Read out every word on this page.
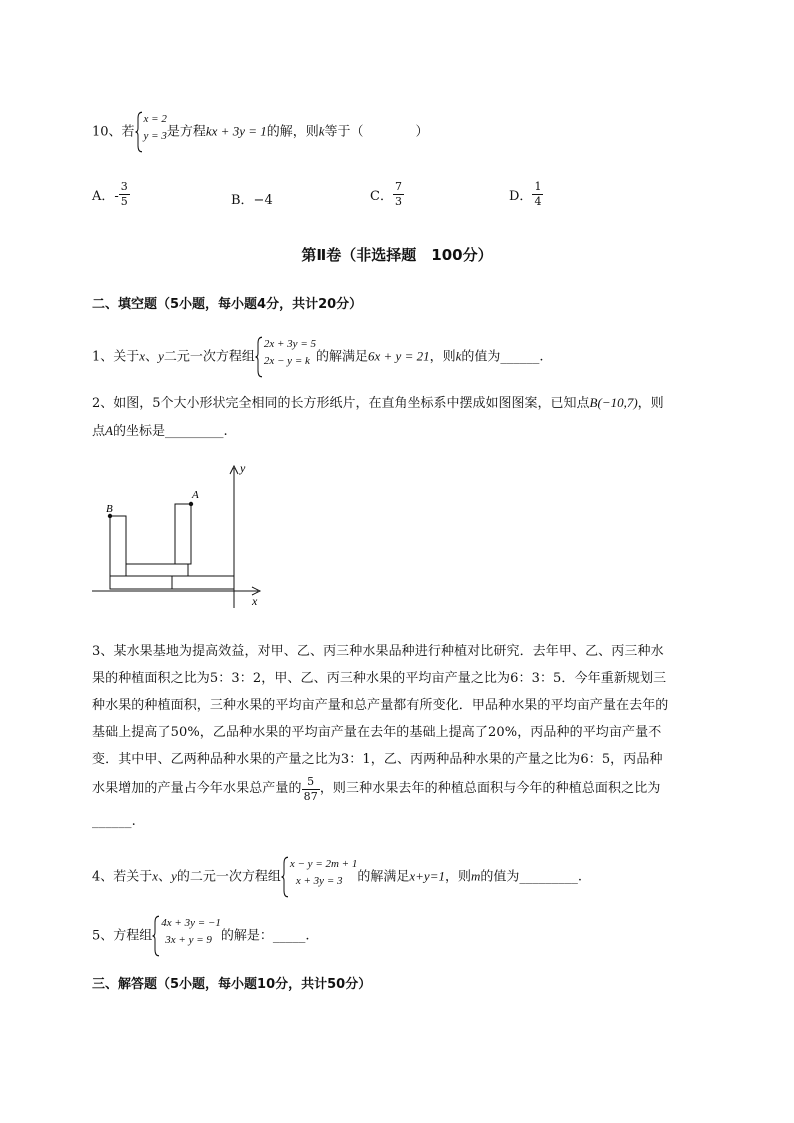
10、若
x = 2
y = 3 是方程kx + 3y = 1的解，则k等于（　　　　）
A．- $\frac{3}{5}$	B．−4	C． $\frac{7}{3}$	D． $\frac{1}{4}$
第Ⅱ卷（非选择题　100分）
二、填空题（5小题，每小题4分，共计20分）
1、关于x、y二元一次方程组
2x + 3y = 5
2x − y = k 的解满足6x + y = 21，则k的值为______.
2、如图，5个大小形状完全相同的长方形纸片，在直角坐标系中摆成如图图案，已知点B(−10,7)，则
点A的坐标是_________.
B
A
y
x
3、某水果基地为提高效益，对甲、乙、丙三种水果品种进行种植对比研究．去年甲、乙、丙三种水
果的种植面积之比为5：3：2，甲、乙、丙三种水果的平均亩产量之比为6：3：5．今年重新规划三
种水果的种植面积，三种水果的平均亩产量和总产量都有所变化．甲品种水果的平均亩产量在去年的
基础上提高了50%，乙品种水果的平均亩产量在去年的基础上提高了20%，丙品种的平均亩产量不
变．其中甲、乙两种品种水果的产量之比为3：1，乙、丙两种品种水果的产量之比为6：5，丙品种
水果增加的产量占今年水果总产量的 $\frac{5}{87}$ ，则三种水果去年的种植总面积与今年的种植总面积之比为
______.
4、若关于x、y的二元一次方程组
x − y = 2m + 1
x + 3y = 3	的解满足x+y=1，则m的值为_________.
5、方程组
4x + 3y = −1
3x + y = 9 的解是：_____.
三、解答题（5小题，每小题10分，共计50分）
